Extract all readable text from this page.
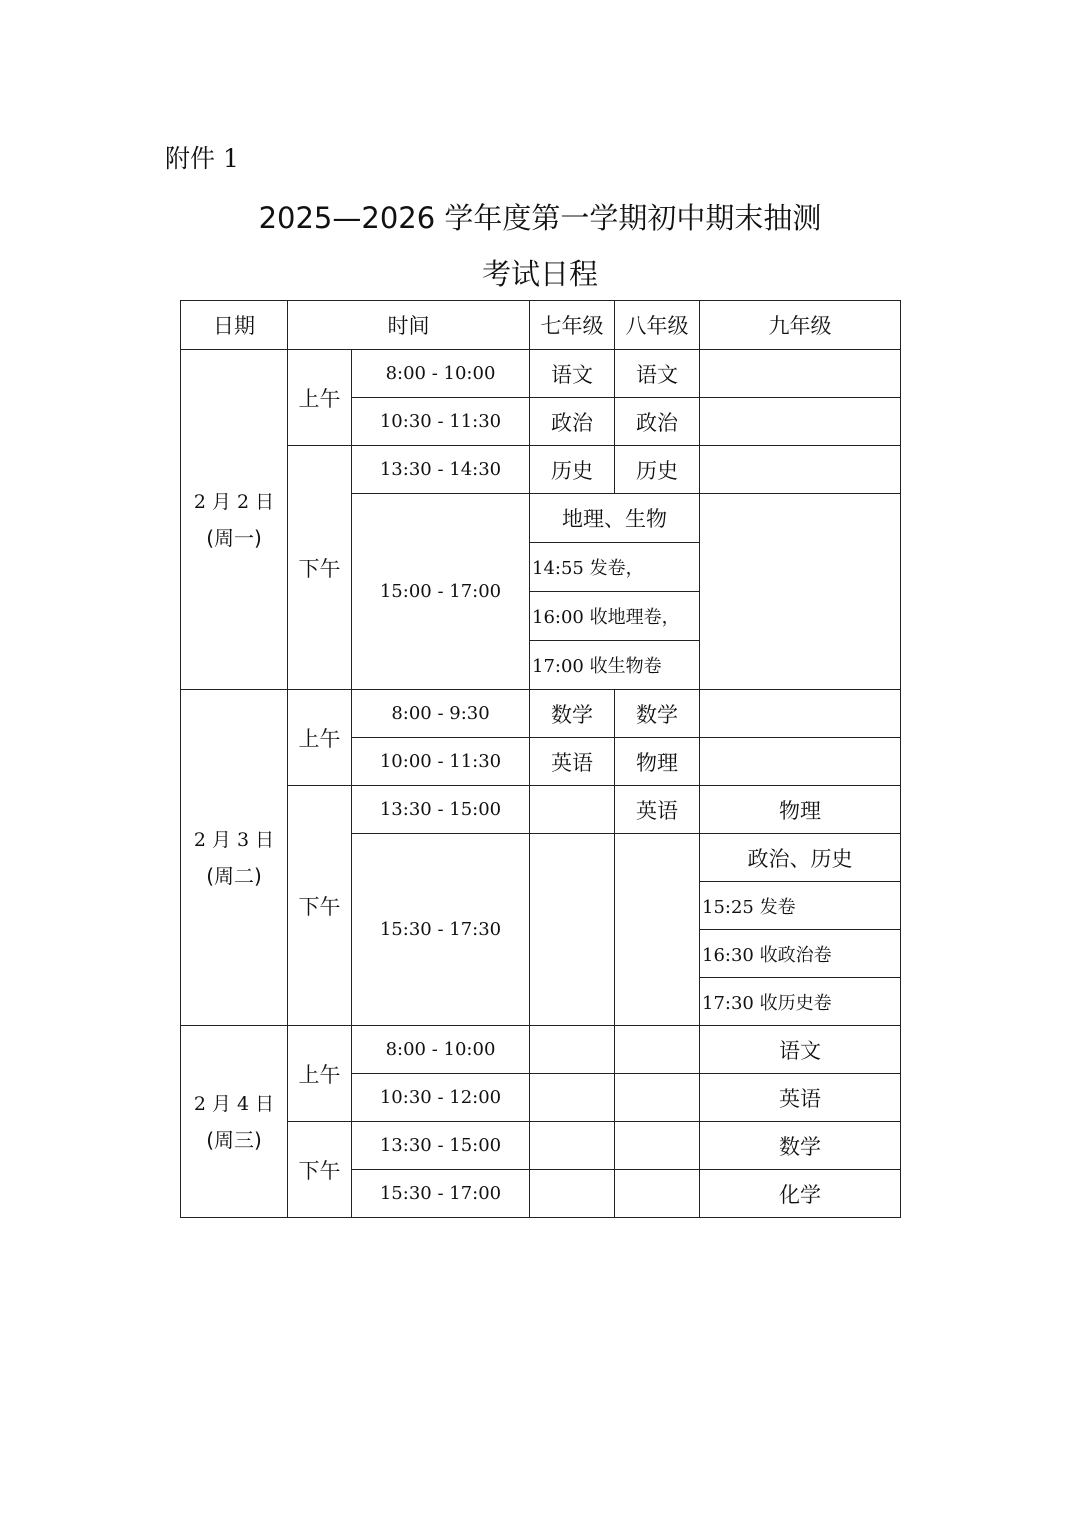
附件 1

2025—2026 学年度第一学期初中期末抽测
考试日程
日期	时间		七年级	八年级	九年级

2 月 2 日
(周一)	上午	8:00 - 10:00	语文	语文	
		10:30 - 11:30	政治	政治	
	下午	13:30 - 14:30	历史	历史	
		15:00 - 17:00	地理、生物		
			14:55 发卷，		
			16:00 收地理卷，		
			17:00 收生物卷		

2 月 3 日
(周二)	上午	8:00 - 9:30	数学	数学	
		10:00 - 11:30	英语	物理	
	下午	13:30 - 15:00		英语	物理
		15:30 - 17:30			政治、历史
					15:25 发卷
					16:30 收政治卷
					17:30 收历史卷

2 月 4 日
(周三)	上午	8:00 - 10:00			语文
		10:30 - 12:00			英语
	下午	13:30 - 15:00			数学
		15:30 - 17:00			化学
